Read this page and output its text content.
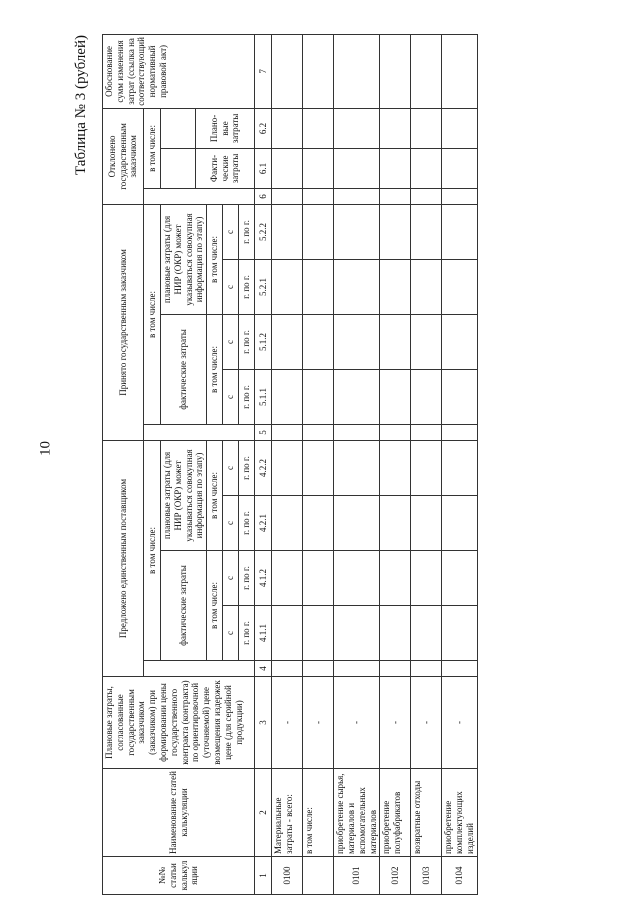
10
Таблица № 3 (рублей)
№№ статьи калькуляции	Наименование статей калькуляции	Плановые затраты, согласованные государственным заказчиком (заказчиком) при формировании цены государственного контракта (контракта) по ориентировочной (уточняемой) цене возмещения издержек цене (для серийной продукции)	Предложено единственным поставщиком					Принято государственным заказчиком					Отклонено государственным заказчиком			Обоснование сумм изменения затрат (ссылка на соответствующий нормативный правовой акт)
				в том числе:					в том числе:					в том числе:		
				фактические затраты		плановые затраты (для НИР (ОКР) может указываться совокупная информация по этапу)			фактические затраты		плановые затраты (для НИР (ОКР) может указываться совокупная информация по этапу)					
														Факти-ческие затраты	Плано-вые затраты	
				в том числе:		в том числе:			в том числе:		в том числе:					
				с	с	с	с		с	с	с	с				
				г. по г.	г. по г.	г. по г.	г. по г.		г. по г.	г. по г.	г. по г.	г. по г.				
1	2	3	4	4.1.1	4.1.2	4.2.1	4.2.2	5	5.1.1	5.1.2	5.2.1	5.2.2	6	6.1	6.2	7
0100	Материальные затраты - всего:	-														
	в том числе:	-														
0101	приобретение сырья, материалов и вспомогательных материалов	-														
0102	приобретение полуфабрикатов	-														
0103	возвратные отходы	-														
0104	приобретение комплектующих изделий	-														
